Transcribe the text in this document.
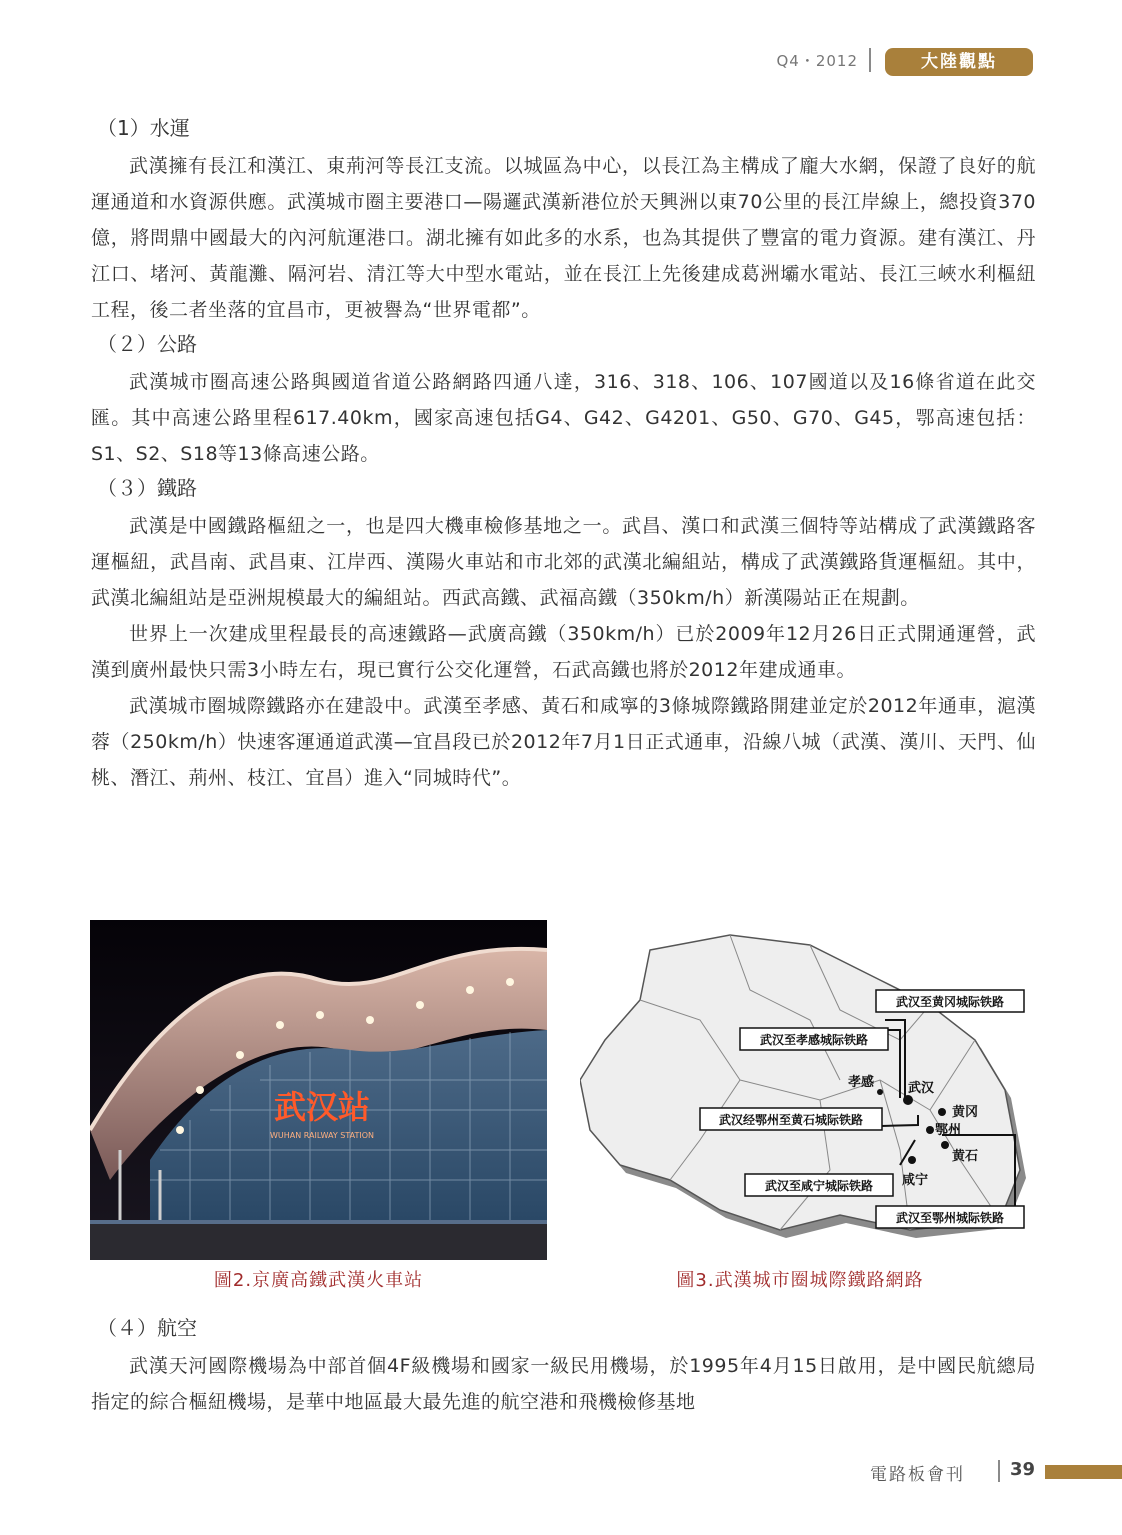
Q4・2012	大陸觀點
（1）水運

武漢擁有長江和漢江、東荊河等長江支流。以城區為中心，以長江為主構成了龐大水網，保證了良好的航運通道和水資源供應。武漢城市圈主要港口—陽邏武漢新港位於天興洲以東70公里的長江岸線上，總投資370億，將問鼎中國最大的內河航運港口。湖北擁有如此多的水系，也為其提供了豐富的電力資源。建有漢江、丹江口、堵河、黃龍灘、隔河岩、清江等大中型水電站，並在長江上先後建成葛洲壩水電站、長江三峽水利樞紐工程，後二者坐落的宜昌市，更被譽為“世界電都”。

（２）公路

武漢城市圈高速公路與國道省道公路網路四通八達，316、318、106、107國道以及16條省道在此交匯。其中高速公路里程617.40km，國家高速包括G4、G42、G4201、G50、G70、G45，鄂高速包括：S1、S2、S18等13條高速公路。

（３）鐵路

武漢是中國鐵路樞紐之一，也是四大機車檢修基地之一。武昌、漢口和武漢三個特等站構成了武漢鐵路客運樞紐，武昌南、武昌東、江岸西、漢陽火車站和市北郊的武漢北編組站，構成了武漢鐵路貨運樞紐。其中，武漢北編組站是亞洲規模最大的編組站。西武高鐵、武福高鐵（350km/h）新漢陽站正在規劃。

世界上一次建成里程最長的高速鐵路—武廣高鐵（350km/h）已於2009年12月26日正式開通運營，武漢到廣州最快只需3小時左右，現已實行公交化運營，石武高鐵也將於2012年建成通車。

武漢城市圈城際鐵路亦在建設中。武漢至孝感、黃石和咸寧的3條城際鐵路開建並定於2012年通車，滬漢蓉（250km/h）快速客運通道武漢—宜昌段已於2012年7月1日正式通車，沿線八城（武漢、漢川、天門、仙桃、潛江、荊州、枝江、宜昌）進入“同城時代”。

武汉站
WUHAN RAILWAY STATION
孝感	武汉
黄冈
鄂州
黄石
咸宁
武汉至黄冈城际铁路
武汉至孝感城际铁路
武汉经鄂州至黄石城际铁路
武汉至咸宁城际铁路
武汉至鄂州城际铁路
圖2.京廣高鐵武漢火車站	圖3.武漢城市圈城際鐵路網路
（４）航空

武漢天河國際機場為中部首個4F級機場和國家一級民用機場，於1995年4月15日啟用，是中國民航總局指定的綜合樞紐機場，是華中地區最大最先進的航空港和飛機檢修基地

電路板會刊	39
